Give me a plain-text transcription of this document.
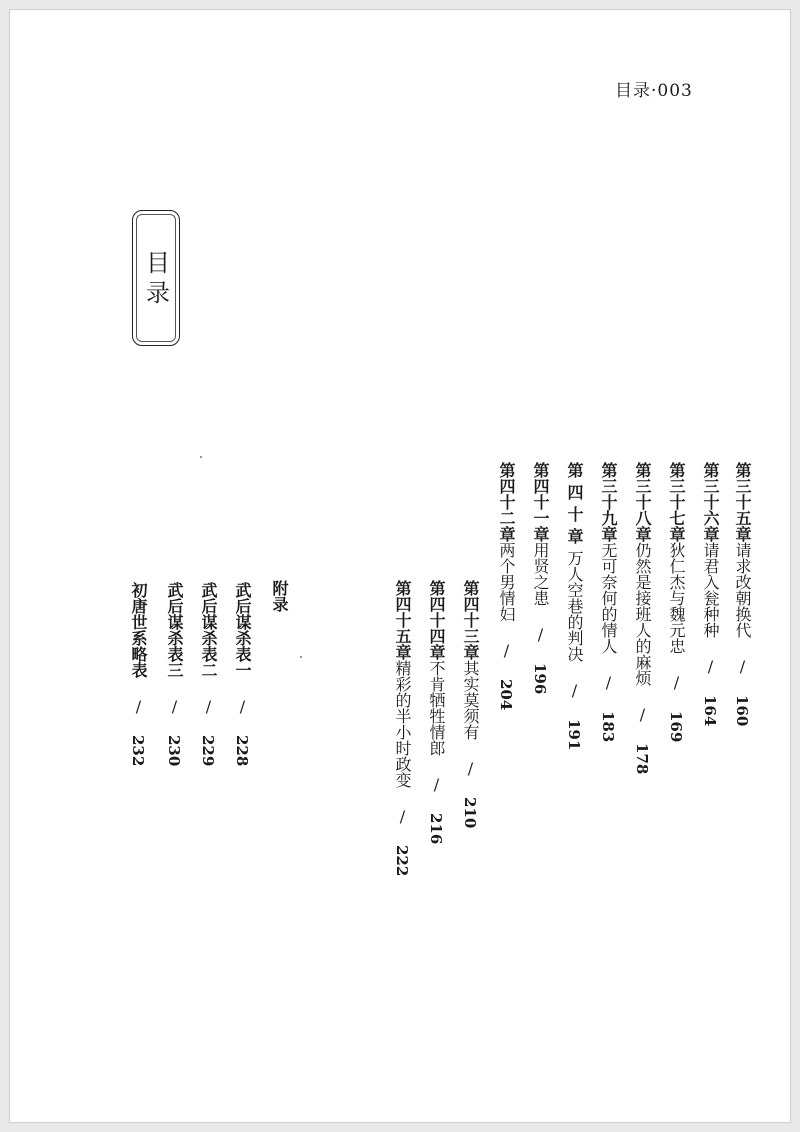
目录·003
目录
第三十五章请求改朝换代 / 160
第三十六章请君入瓮种种 / 164
第三十七章狄仁杰与魏元忠 / 169
第三十八章仍然是接班人的麻烦 / 178
第三十九章无可奈何的情人 / 183
第四十章万人空巷的判决 / 191
第四十一章用贤之患 / 196
第四十二章两个男情妇 / 204
第四十三章其实莫须有 / 210
第四十四章不肯牺牲情郎 / 216
第四十五章精彩的半小时政变 / 222
附录
武后谋杀表一 / 228
武后谋杀表二 / 229
武后谋杀表三 / 230
初唐世系略表 / 232
